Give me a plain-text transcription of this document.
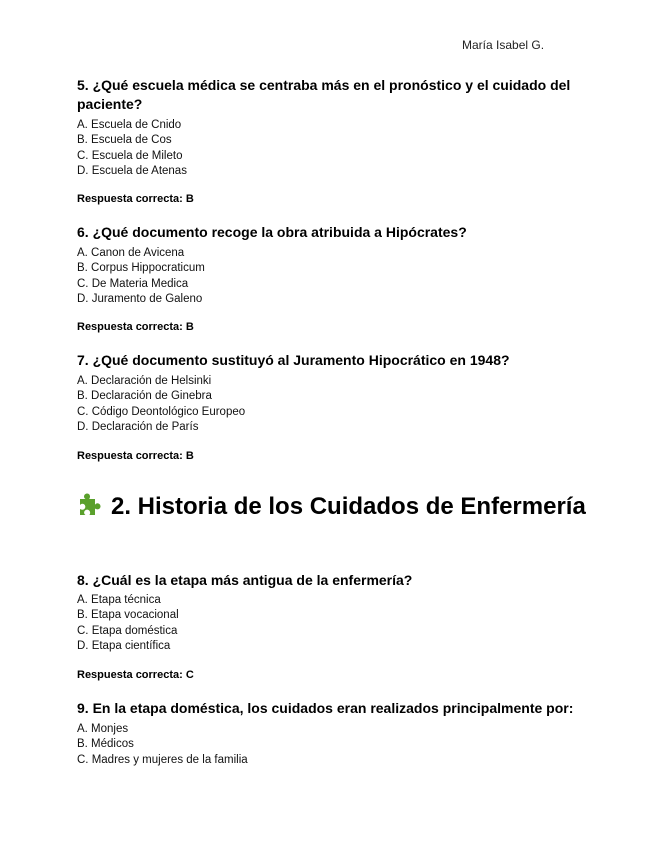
María Isabel G.

5. ¿Qué escuela médica se centraba más en el pronóstico y el cuidado del paciente?

A. Escuela de Cnido
B. Escuela de Cos
C. Escuela de Mileto
D. Escuela de Atenas
Respuesta correcta: B

6. ¿Qué documento recoge la obra atribuida a Hipócrates?

A. Canon de Avicena
B. Corpus Hippocraticum
C. De Materia Medica
D. Juramento de Galeno
Respuesta correcta: B

7. ¿Qué documento sustituyó al Juramento Hipocrático en 1948?

A. Declaración de Helsinki
B. Declaración de Ginebra
C. Código Deontológico Europeo
D. Declaración de París
Respuesta correcta: B
2. Historia de los Cuidados de Enfermería

8. ¿Cuál es la etapa más antigua de la enfermería?

A. Etapa técnica
B. Etapa vocacional
C. Etapa doméstica
D. Etapa científica
Respuesta correcta: C

9. En la etapa doméstica, los cuidados eran realizados principalmente por:

A. Monjes
B. Médicos
C. Madres y mujeres de la familia
